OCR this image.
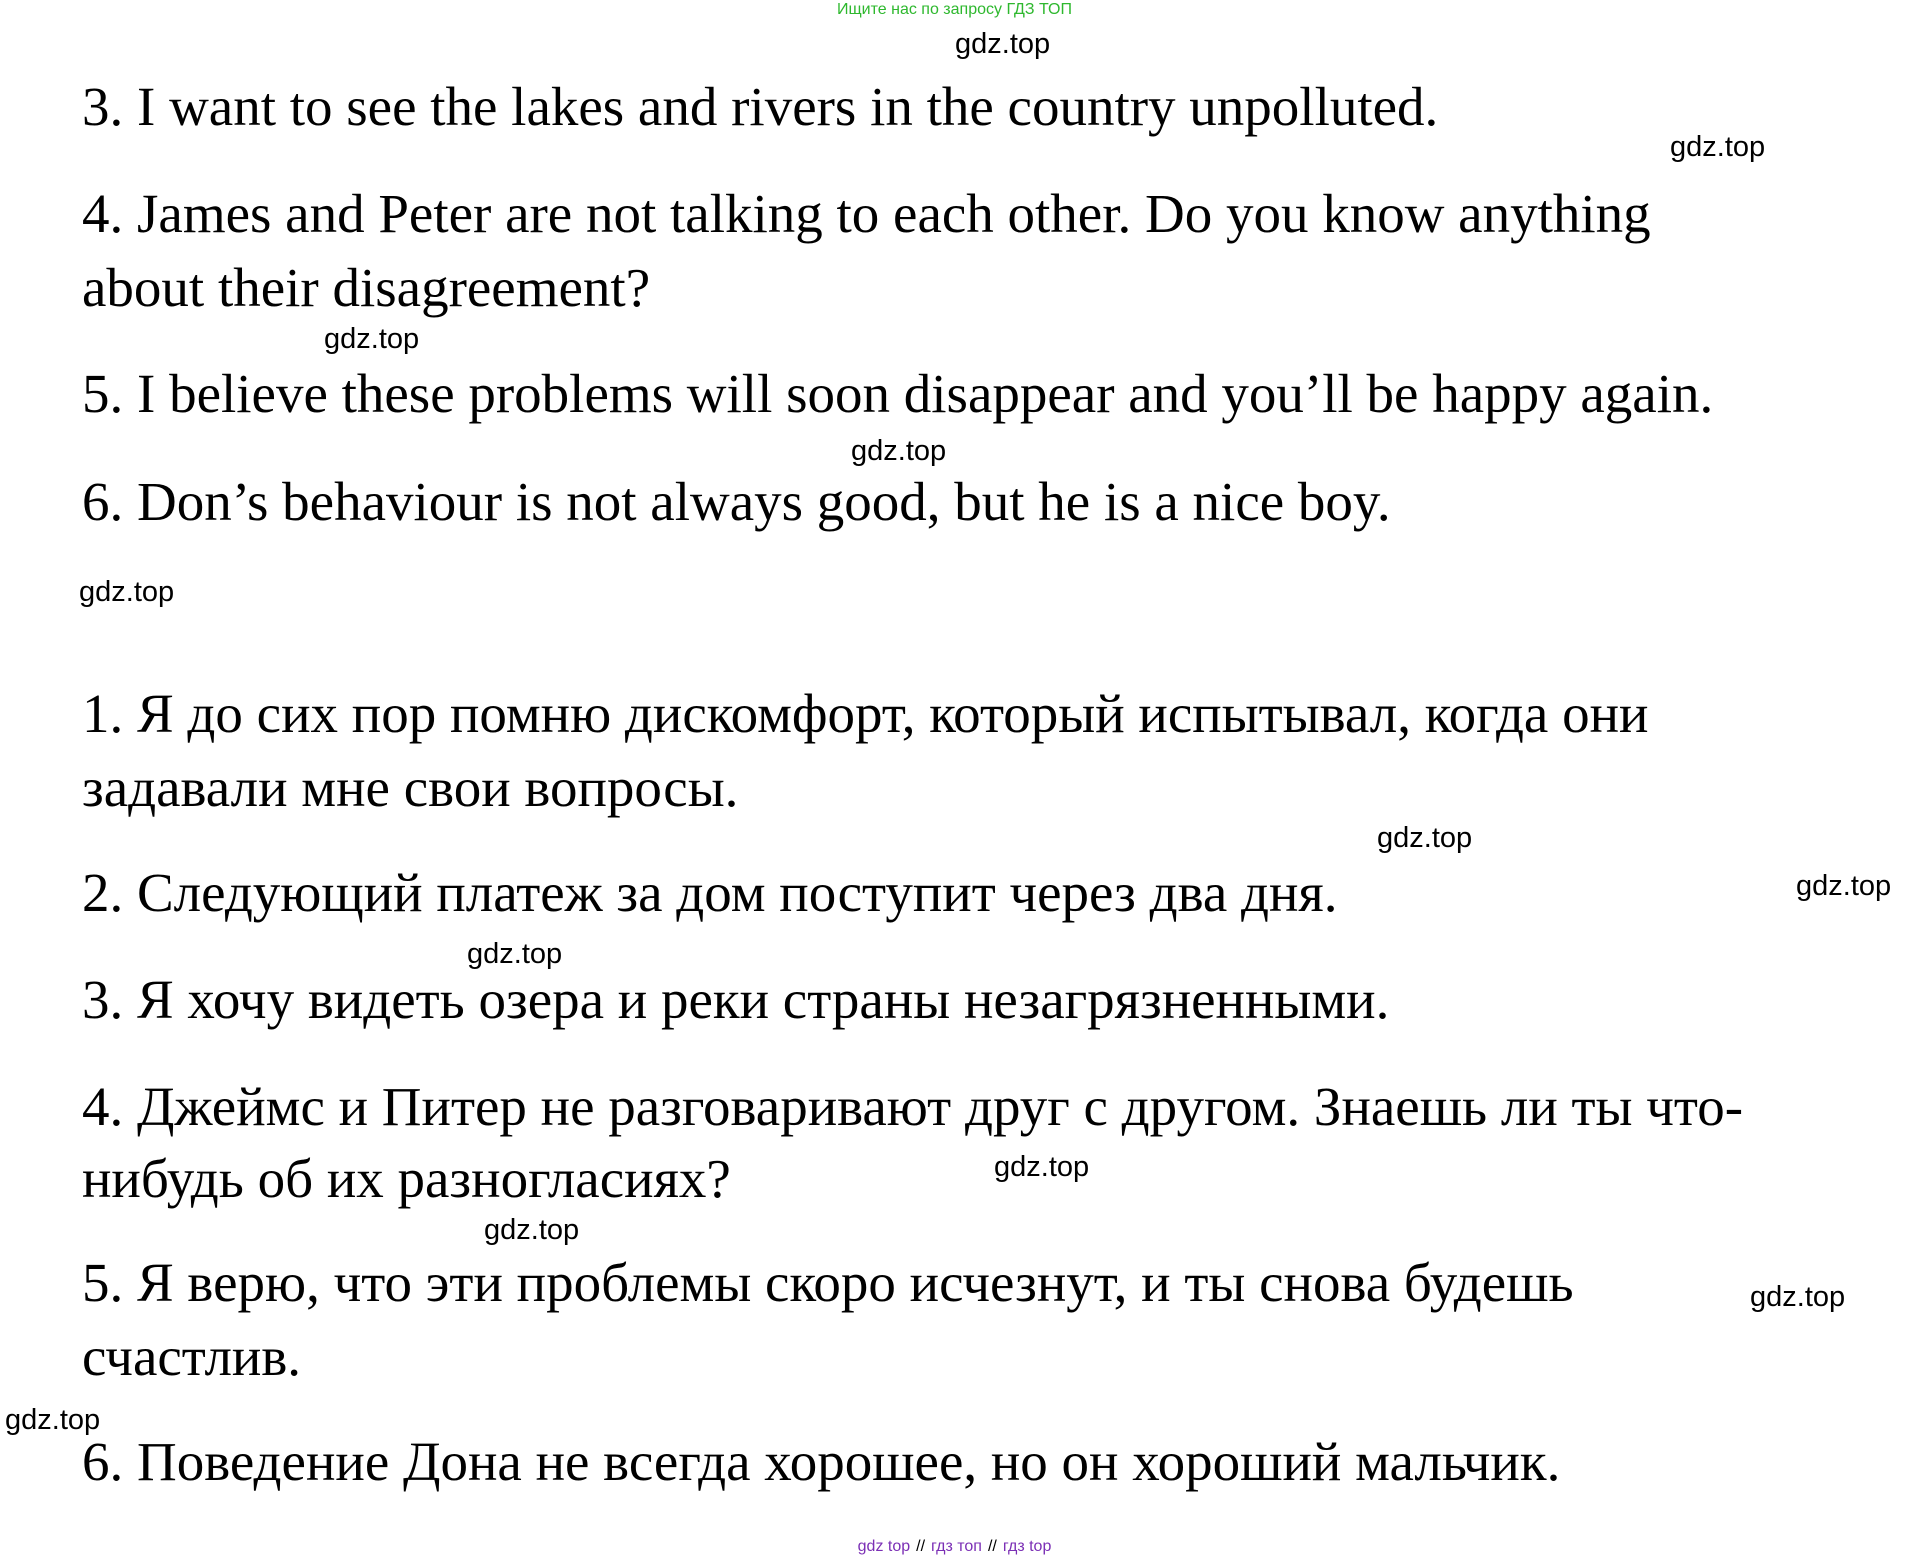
Ищите нас по запросу ГДЗ ТОП
gdz.top
gdz.top
gdz.top
gdz.top
gdz.top
gdz.top
gdz.top
gdz.top
gdz.top
gdz.top
gdz.top
gdz.top
3. I want to see the lakes and rivers in the country unpolluted.
4. James and Peter are not talking to each other. Do you know anything
about their disagreement?
5. I believe these problems will soon disappear and you’ll be happy again.
6. Don’s behaviour is not always good, but he is a nice boy.
1. Я до сих пор помню дискомфорт, который испытывал, когда они
задавали мне свои вопросы.
2. Следующий платеж за дом поступит через два дня.
3. Я хочу видеть озера и реки страны незагрязненными.
4. Джеймс и Питер не разговаривают друг с другом. Знаешь ли ты что-
нибудь об их разногласиях?
5. Я верю, что эти проблемы скоро исчезнут, и ты снова будешь
счастлив.
6. Поведение Дона не всегда хорошее, но он хороший мальчик.
gdz top // гдз топ // гдз top
